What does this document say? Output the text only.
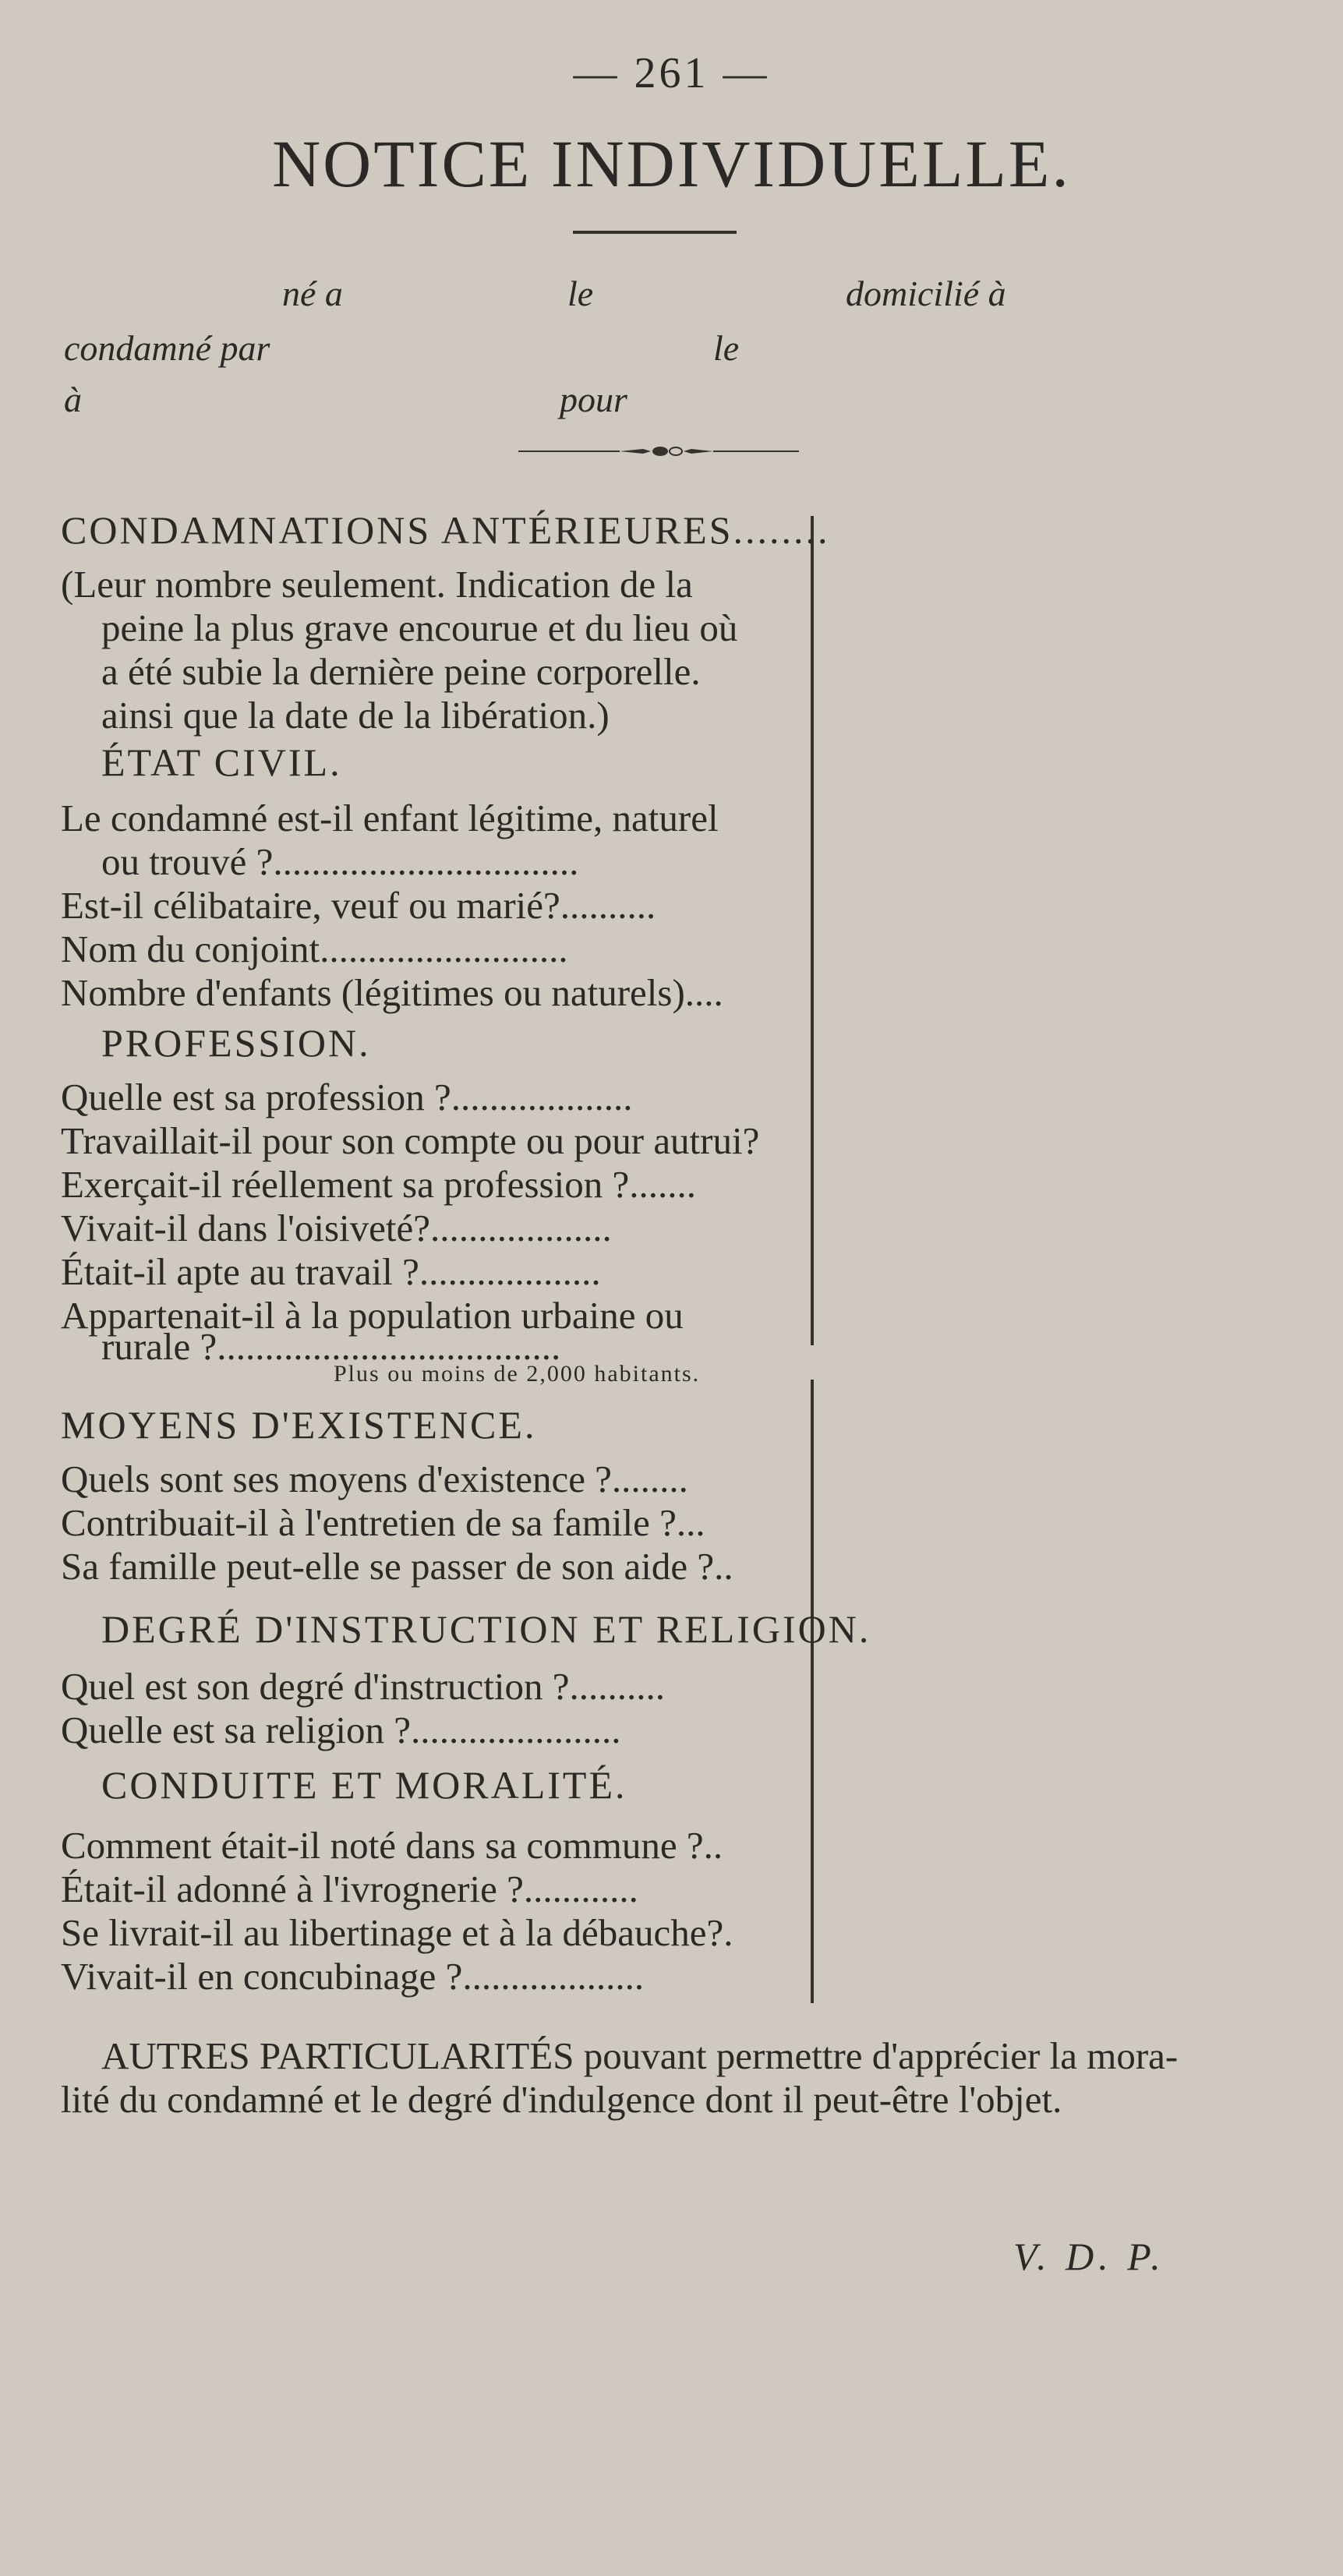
— 261 —
NOTICE INDIVIDUELLE.
né a	le	domicilié à
condamné par	le
à	pour
CONDAMNATIONS ANTÉRIEURES........
(Leur nombre seulement. Indication de la
peine la plus grave encourue et du lieu où
a été subie la dernière peine corporelle.
ainsi que la date de la libération.)
ÉTAT CIVIL.
Le condamné est-il enfant légitime, naturel
ou trouvé ?................................
Est-il célibataire, veuf ou marié?..........
Nom du conjoint..........................
Nombre d'enfants (légitimes ou naturels)....
PROFESSION.
Quelle est sa profession ?...................
Travaillait-il pour son compte ou pour autrui?
Exerçait-il réellement sa profession ?.......
Vivait-il dans l'oisiveté?...................
Était-il apte au travail ?...................
Appartenait-il à la population urbaine ou
rurale ?....................................
Plus ou moins de 2,000 habitants.
MOYENS D'EXISTENCE.
Quels sont ses moyens d'existence ?........
Contribuait-il à l'entretien de sa famile ?...
Sa famille peut-elle se passer de son aide ?..
DEGRÉ D'INSTRUCTION ET RELIGION.
Quel est son degré d'instruction ?..........
Quelle est sa religion ?......................
CONDUITE ET MORALITÉ.
Comment était-il noté dans sa commune ?..
Était-il adonné à l'ivrognerie ?............
Se livrait-il au libertinage et à la débauche?.
Vivait-il en concubinage ?...................
AUTRES PARTICULARITÉS pouvant permettre d'apprécier la mora-
lité du condamné et le degré d'indulgence dont il peut-être l'objet.
V. D. P.
